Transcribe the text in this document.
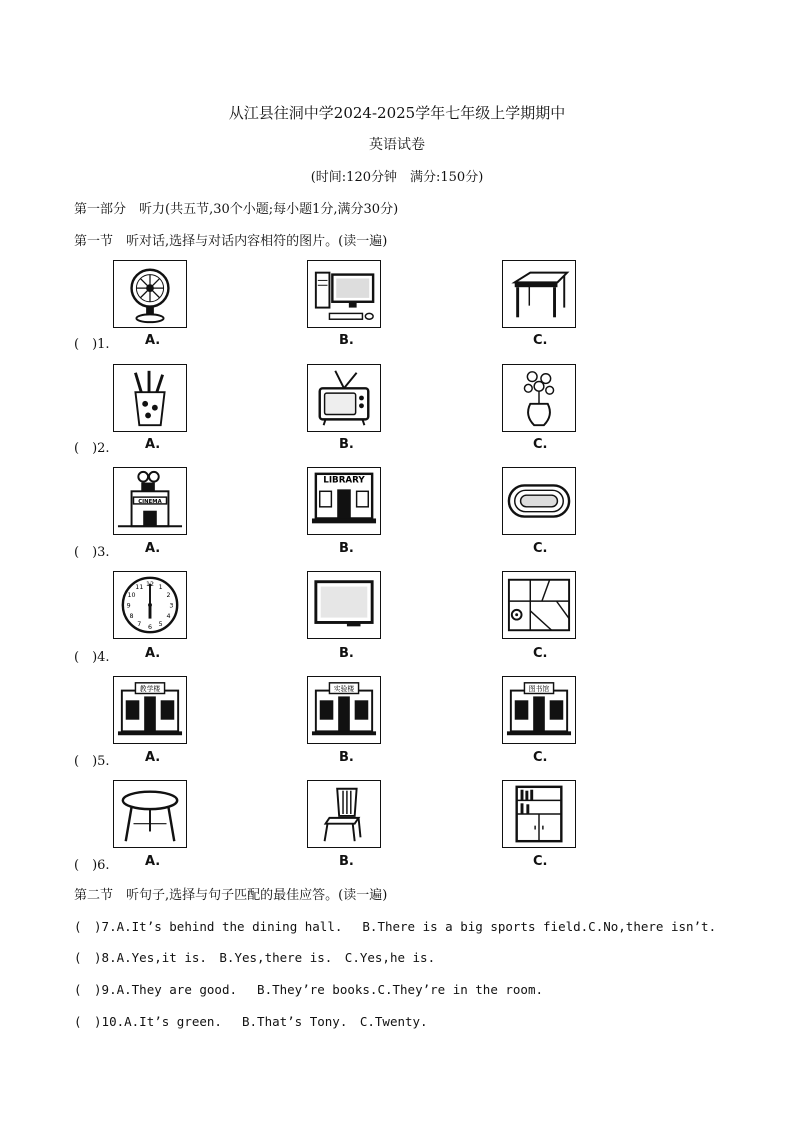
从江县往洞中学2024-2025学年七年级上学期期中
英语试卷
(时间:120分钟　满分:150分)
第一部分　听力(共五节,30个小题;每小题1分,满分30分)
第一节　听对话,选择与对话内容相符的图片。(读一遍)
(　)1.	A.	B.	C.
(　)2.	A.	B.	C.
CINEMA
LIBRARY
(　)3.	A.	B.	C.
1
2
3
4
5
6
7
8
9
10
11 12
(　)4.	A.	B.	C.
教学楼	实验楼	图书馆
(　)5.	A.	B.	C.
(　)6.	A.	B.	C.
第二节　听句子,选择与句子匹配的最佳应答。(读一遍)
(　)7.A.It’s behind the dining hall.　 B.There is a big sports field.C.No,there isn’t.
(　)8.A.Yes,it is.　B.Yes,there is.　C.Yes,he is.
(　)9.A.They are good.　 B.They’re books.C.They’re in the room.
(　)10.A.It’s green.　 B.That’s Tony.　C.Twenty.
